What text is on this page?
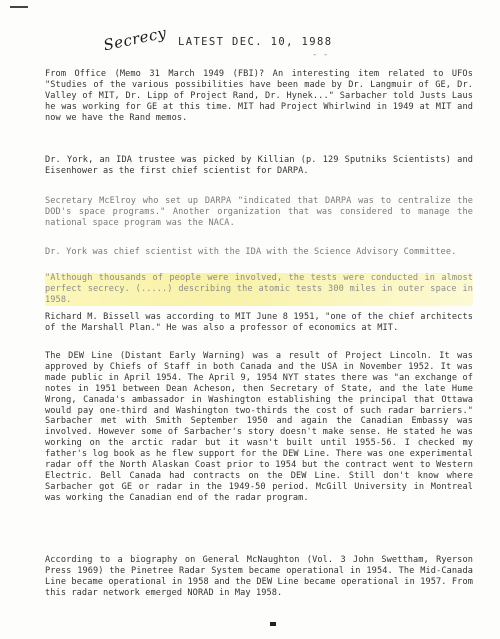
Secrecy LATEST DEC. 10, 1988
- -
From Office (Memo 31 March 1949 (FBI)? An interesting item related to UFOs "Studies of the various possibilities have been made by Dr. Langmuir of GE, Dr. Valley of MIT, Dr. Lipp of Project Rand, Dr. Hynek..." Sarbacher told Justs Laus he was working for GE at this time. MIT had Project Whirlwind in 1949 at MIT and now we have the Rand memos.
Dr. York, an IDA trustee was picked by Killian (p. 129 Sputniks Scientists) and Eisenhower as the first chief scientist for DARPA.
Secretary McElroy who set up DARPA "indicated that DARPA was to centralize the DOD's space programs." Another organization that was considered to manage the national space program was the NACA.
Dr. York was chief scientist with the IDA with the Science Advisory Committee.
"Although thousands of people were involved, the tests were conducted in almost perfect secrecy. (.....) describing the atomic tests 300 miles in outer space in 1958.
Richard M. Bissell was according to MIT June 8 1951, "one of the chief architects of the Marshall Plan." He was also a professor of economics at MIT.
The DEW Line (Distant Early Warning) was a result of Project Lincoln. It was approved by Chiefs of Staff in both Canada and the USA in November 1952. It was made public in April 1954. The April 9, 1954 NYT states there was "an exchange of notes in 1951 between Dean Acheson, then Secretary of State, and the late Hume Wrong, Canada's ambassador in Washington establishing the principal that Ottawa would pay one-third and Washington two-thirds the cost of such radar barriers." Sarbacher met with Smith September 1950 and again the Canadian Embassy was involved. However some of Sarbacher's story doesn't make sense. He stated he was working on the arctic radar but it wasn't built until 1955-56. I checked my father's log book as he flew support for the DEW Line. There was one experimental radar off the North Alaskan Coast prior to 1954 but the contract went to Western Electric. Bell Canada had contracts on the DEW Line. Still don't know where Sarbacher got GE or radar in the 1949-50 period. McGill University in Montreal was working the Canadian end of the radar program.
According to a biography on General McNaughton (Vol. 3 John Swettham, Ryerson Press 1969) the Pinetree Radar System became operational in 1954. The Mid-Canada Line became operational in 1958 and the DEW Line became operational in 1957. From this radar network emerged NORAD in May 1958.
